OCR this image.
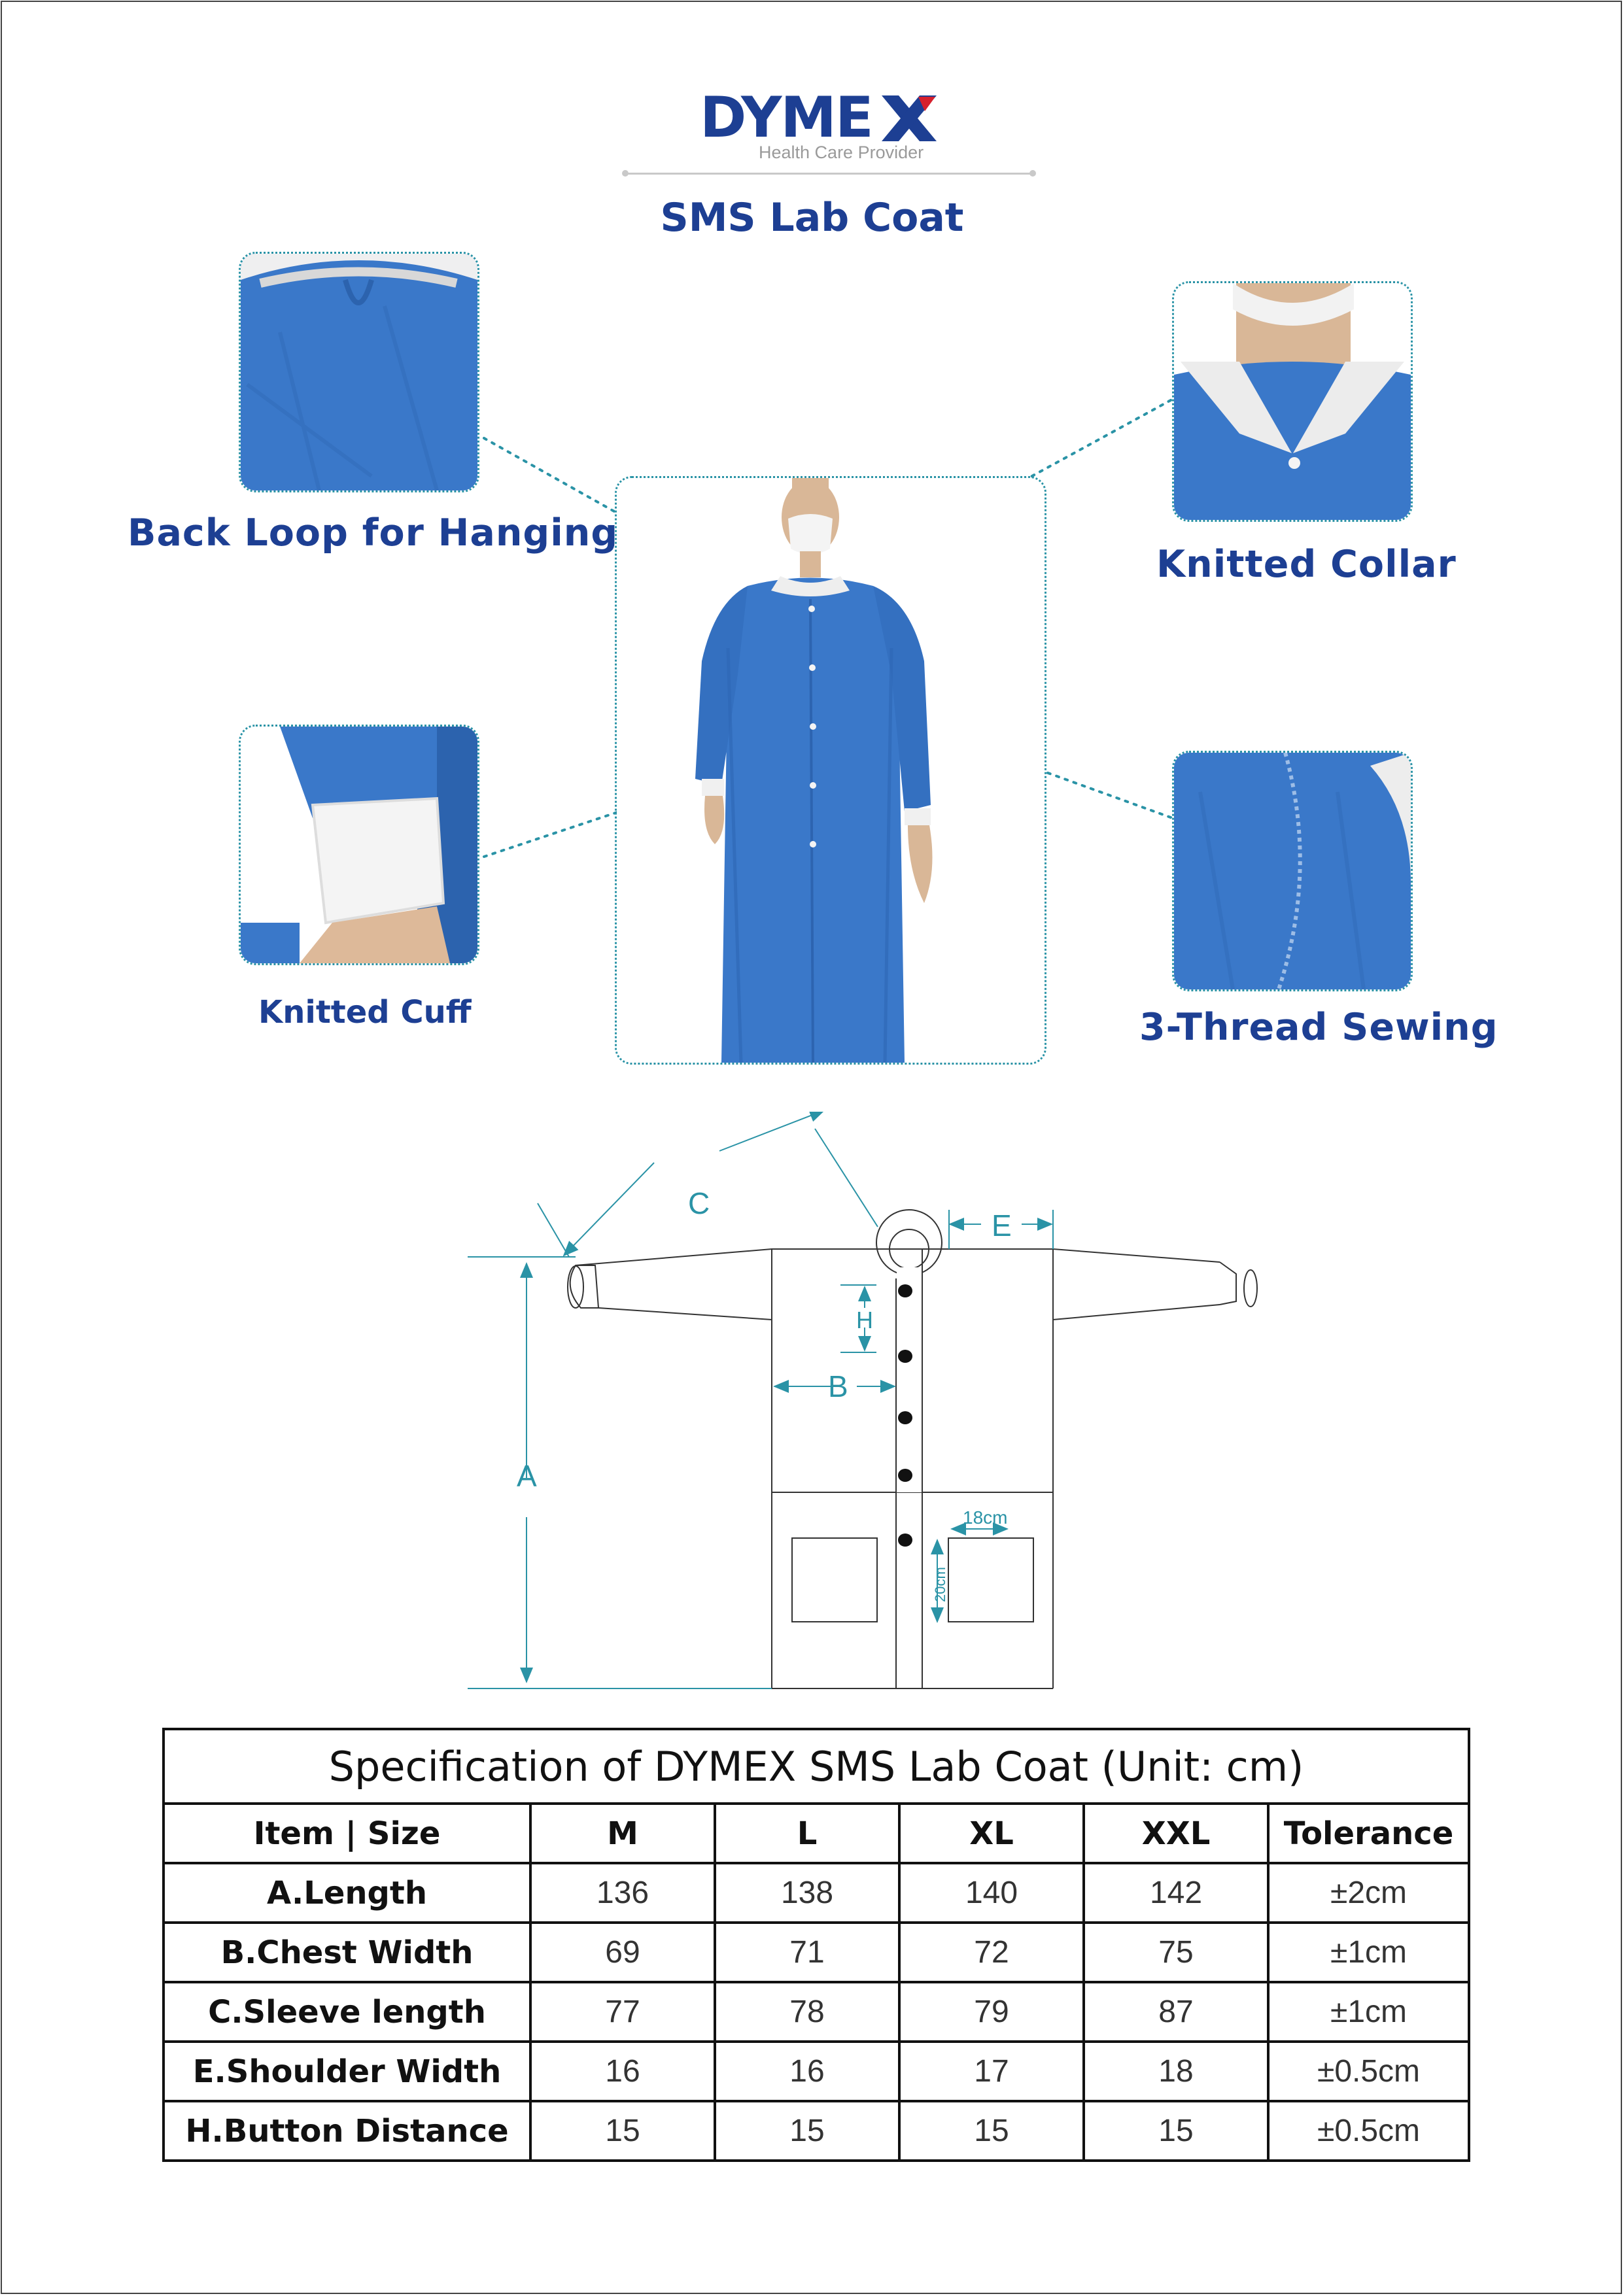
DYME
Health Care Provider
SMS Lab Coat
Back Loop for Hanging
Knitted Collar
Knitted Cuff	3-Thread Sewing
A
B
C
E
H
18cm
20cm
Specification of DYMEX SMS Lab Coat (Unit: cm)					
Item | Size	M	L	XL	XXL	Tolerance
A.Length	136	138	140	142	±2cm
B.Chest Width	69	71	72	75	±1cm
C.Sleeve length	77	78	79	87	±1cm
E.Shoulder Width	16	16	17	18	±0.5cm
H.Button Distance	15	15	15	15	±0.5cm
